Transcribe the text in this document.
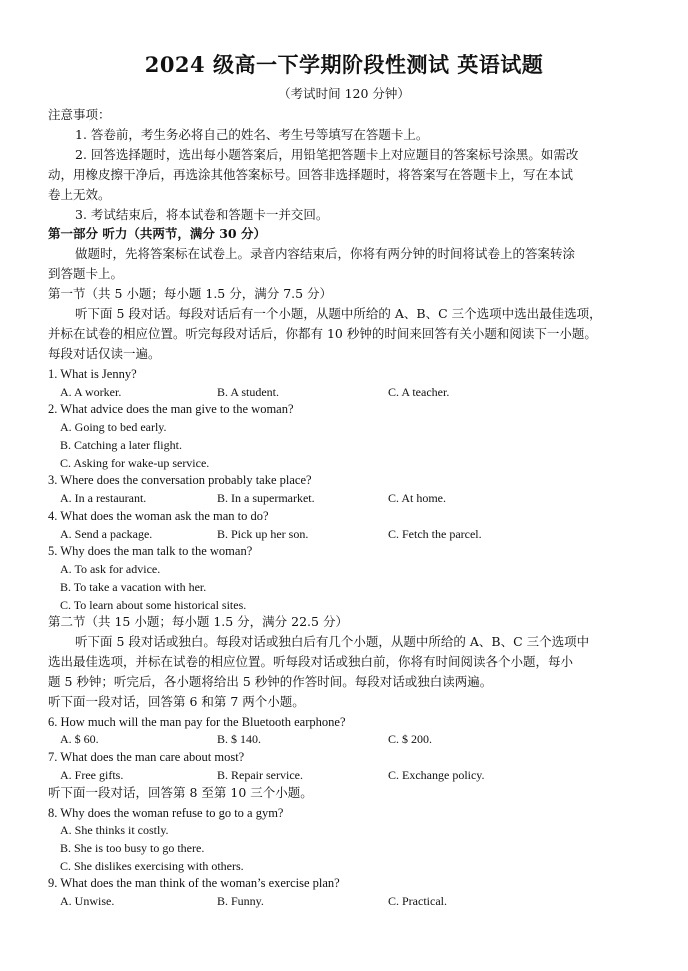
2024 级高一下学期阶段性测试 英语试题
（考试时间 120 分钟）
注意事项：
1. 答卷前，考生务必将自己的姓名、考生号等填写在答题卡上。
2. 回答选择题时，选出每小题答案后，用铅笔把答题卡上对应题目的答案标号涂黑。如需改
动，用橡皮擦干净后，再选涂其他答案标号。回答非选择题时，将答案写在答题卡上，写在本试
卷上无效。
3. 考试结束后，将本试卷和答题卡一并交回。
第一部分 听力（共两节，满分 30 分）
做题时，先将答案标在试卷上。录音内容结束后，你将有两分钟的时间将试卷上的答案转涂
到答题卡上。
第一节（共 5 小题；每小题 1.5 分，满分 7.5 分）
听下面 5 段对话。每段对话后有一个小题，从题中所给的 A、B、C 三个选项中选出最佳选项，
并标在试卷的相应位置。听完每段对话后，你都有 10 秒钟的时间来回答有关小题和阅读下一小题。
每段对话仅读一遍。
1. What is Jenny?
A. A worker.	B. A student.	C. A teacher.
2. What advice does the man give to the woman?
A. Going to bed early.
B. Catching a later flight.
C. Asking for wake-up service.
3. Where does the conversation probably take place?
A. In a restaurant.	B. In a supermarket.	C. At home.
4. What does the woman ask the man to do?
A. Send a package.	B. Pick up her son.	C. Fetch the parcel.
5. Why does the man talk to the woman?
A. To ask for advice.
B. To take a vacation with her.
C. To learn about some historical sites.
第二节（共 15 小题；每小题 1.5 分，满分 22.5 分）
听下面 5 段对话或独白。每段对话或独白后有几个小题，从题中所给的 A、B、C 三个选项中
选出最佳选项，并标在试卷的相应位置。听每段对话或独白前，你将有时间阅读各个小题，每小
题 5 秒钟；听完后，各小题将给出 5 秒钟的作答时间。每段对话或独白读两遍。
听下面一段对话，回答第 6 和第 7 两个小题。
6. How much will the man pay for the Bluetooth earphone?
A. $ 60.	B. $ 140.	C. $ 200.
7. What does the man care about most?
A. Free gifts.	B. Repair service.	C. Exchange policy.
听下面一段对话，回答第 8 至第 10 三个小题。
8. Why does the woman refuse to go to a gym?
A. She thinks it costly.
B. She is too busy to go there.
C. She dislikes exercising with others.
9. What does the man think of the woman’s exercise plan?
A. Unwise.	B. Funny.	C. Practical.
